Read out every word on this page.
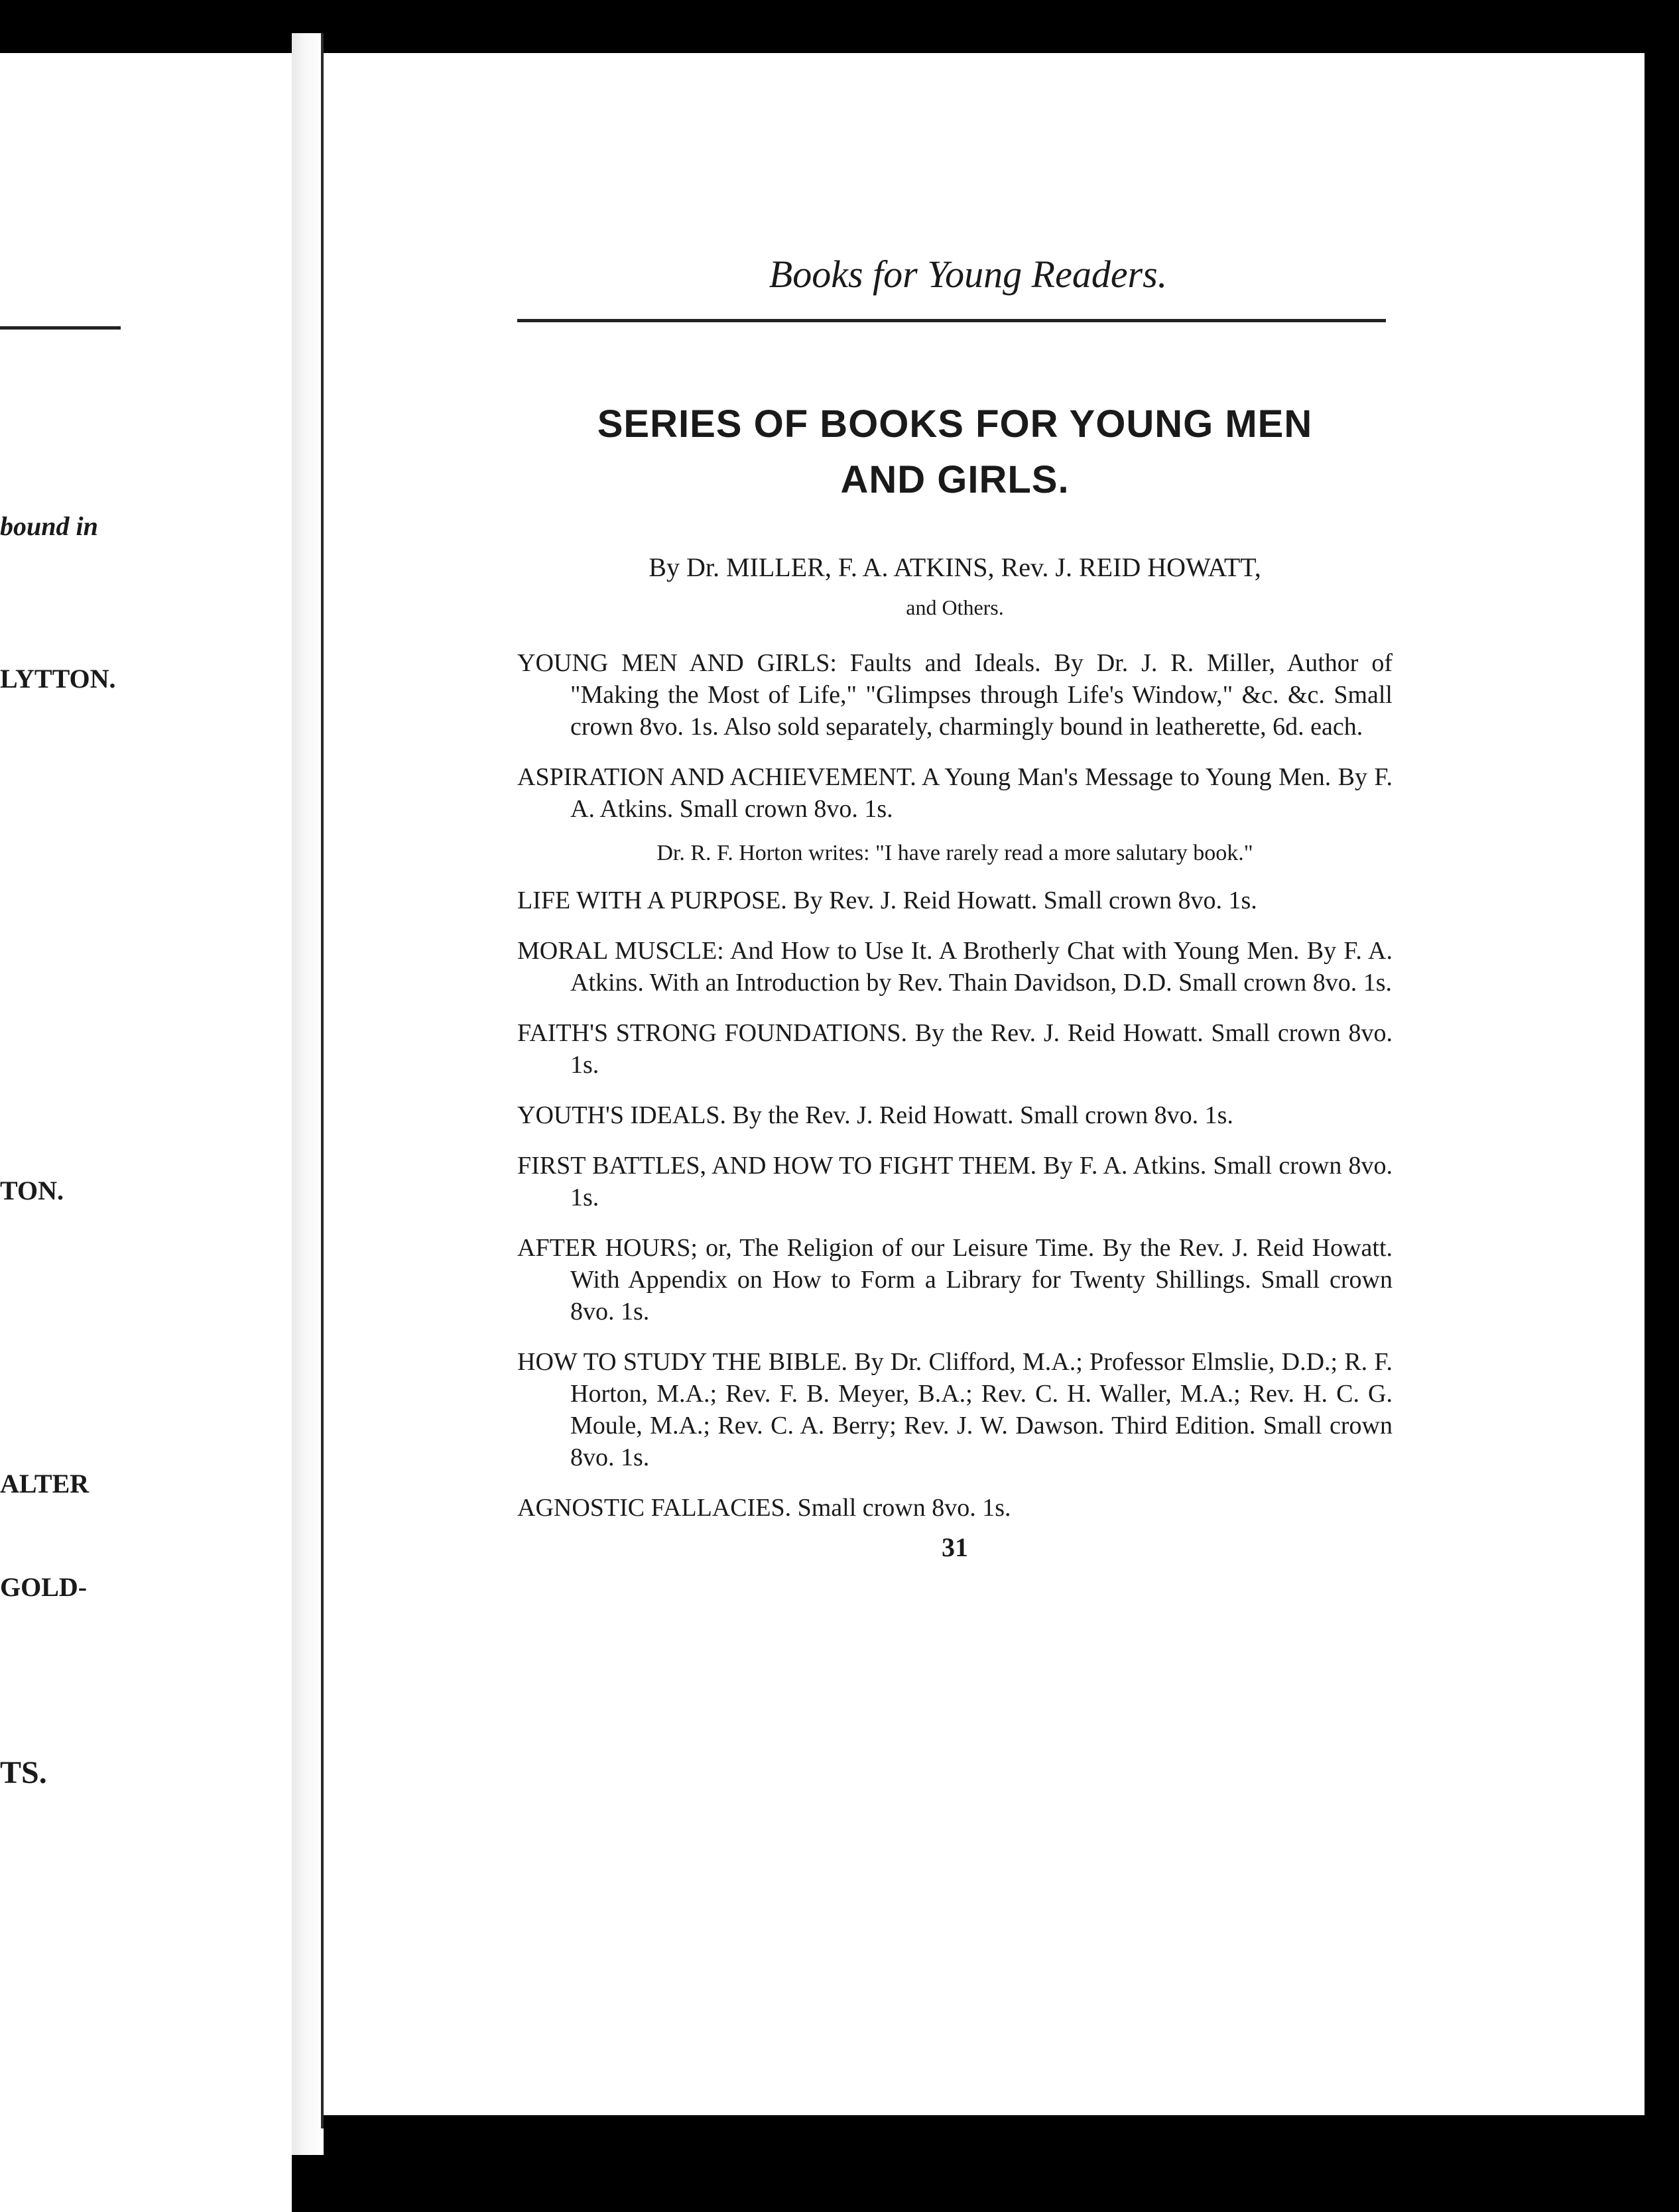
bound in
LYTTON.
TON.
ALTER
GOLD-
TS.
Books for Young Readers.
SERIES OF BOOKS FOR YOUNG MEN
AND GIRLS.
By Dr. MILLER, F. A. ATKINS, Rev. J. REID HOWATT,
and Others.
YOUNG MEN AND GIRLS: Faults and Ideals. By Dr. J. R. Miller, Author of "Making the Most of Life," "Glimpses through Life's Window," &c. &c. Small crown 8vo. 1s. Also sold separately, charmingly bound in leatherette, 6d. each.
ASPIRATION AND ACHIEVEMENT. A Young Man's Message to Young Men. By F. A. Atkins. Small crown 8vo. 1s.
Dr. R. F. Horton writes: "I have rarely read a more salutary book."
LIFE WITH A PURPOSE. By Rev. J. Reid Howatt. Small crown 8vo. 1s.
MORAL MUSCLE: And How to Use It. A Brotherly Chat with Young Men. By F. A. Atkins. With an Introduction by Rev. Thain Davidson, D.D. Small crown 8vo. 1s.
FAITH'S STRONG FOUNDATIONS. By the Rev. J. Reid Howatt. Small crown 8vo. 1s.
YOUTH'S IDEALS. By the Rev. J. Reid Howatt. Small crown 8vo. 1s.
FIRST BATTLES, AND HOW TO FIGHT THEM. By F. A. Atkins. Small crown 8vo. 1s.
AFTER HOURS; or, The Religion of our Leisure Time. By the Rev. J. Reid Howatt. With Appendix on How to Form a Library for Twenty Shillings. Small crown 8vo. 1s.
HOW TO STUDY THE BIBLE. By Dr. Clifford, M.A.; Professor Elmslie, D.D.; R. F. Horton, M.A.; Rev. F. B. Meyer, B.A.; Rev. C. H. Waller, M.A.; Rev. H. C. G. Moule, M.A.; Rev. C. A. Berry; Rev. J. W. Dawson. Third Edition. Small crown 8vo. 1s.
AGNOSTIC FALLACIES. Small crown 8vo. 1s.
31
